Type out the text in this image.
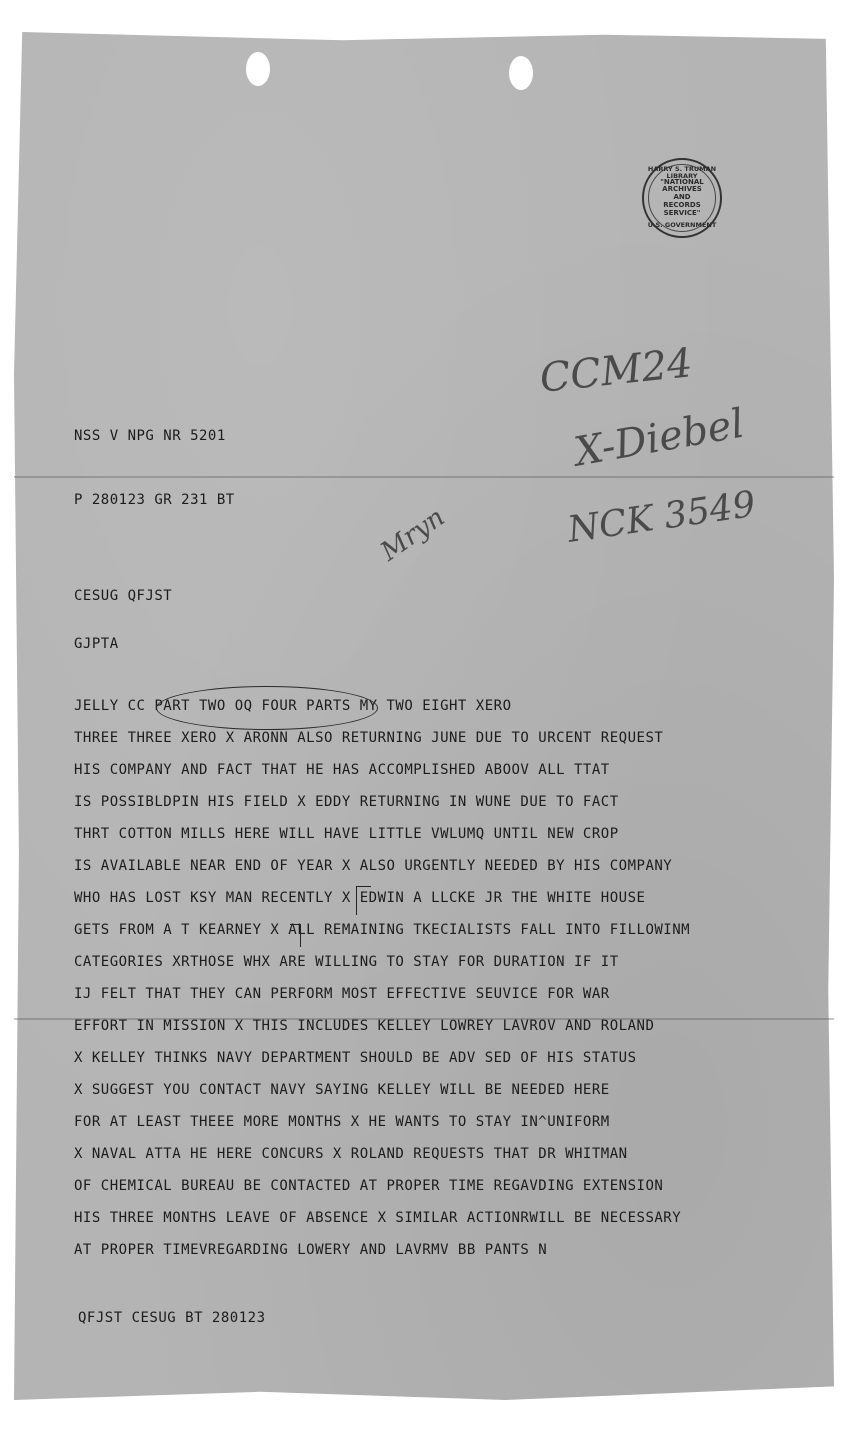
HARRY S. TRUMAN LIBRARY
"NATIONAL ARCHIVES AND RECORDS SERVICE"
U.S. GOVERNMENT
CCM24
X-Diebel
NCK 3549
Mryn
NSS V NPG NR 5201
P 280123 GR 231 BT
CESUG QFJST
GJPTA
JELLY CC PART TWO OQ FOUR PARTS MY TWO EIGHT XERO
THREE THREE XERO X ARONN ALSO RETURNING JUNE DUE TO URCENT REQUEST
HIS COMPANY AND FACT THAT HE HAS ACCOMPLISHED ABOOV ALL TTAT
IS POSSIBLDPIN HIS FIELD X EDDY RETURNING IN WUNE DUE TO FACT
THRT COTTON MILLS HERE WILL HAVE LITTLE VWLUMQ UNTIL NEW CROP
IS AVAILABLE NEAR END OF YEAR X ALSO URGENTLY NEEDED BY HIS COMPANY
WHO HAS LOST KSY MAN RECENTLY X EDWIN A LLCKE JR THE WHITE HOUSE
GETS FROM A T KEARNEY X ALL REMAINING TKECIALISTS FALL INTO FILLOWINM
CATEGORIES XRTHOSE WHX ARE WILLING TO STAY FOR DURATION IF IT
IJ FELT THAT THEY CAN PERFORM MOST EFFECTIVE SEUVICE FOR WAR
EFFORT IN MISSION X THIS INCLUDES KELLEY LOWREY LAVROV AND ROLAND
X KELLEY THINKS NAVY DEPARTMENT SHOULD BE ADV SED OF HIS STATUS
X SUGGEST YOU CONTACT NAVY SAYING KELLEY WILL BE NEEDED HERE
FOR AT LEAST THEEE MORE MONTHS X HE WANTS TO STAY IN^UNIFORM
X NAVAL ATTA HE HERE CONCURS X ROLAND REQUESTS THAT DR WHITMAN
OF CHEMICAL BUREAU BE CONTACTED AT PROPER TIME REGAVDING EXTENSION
HIS THREE MONTHS LEAVE OF ABSENCE X SIMILAR ACTIONRWILL BE NECESSARY
AT PROPER TIMEVREGARDING LOWERY AND LAVRMV BB PANTS N
QFJST CESUG BT 280123
